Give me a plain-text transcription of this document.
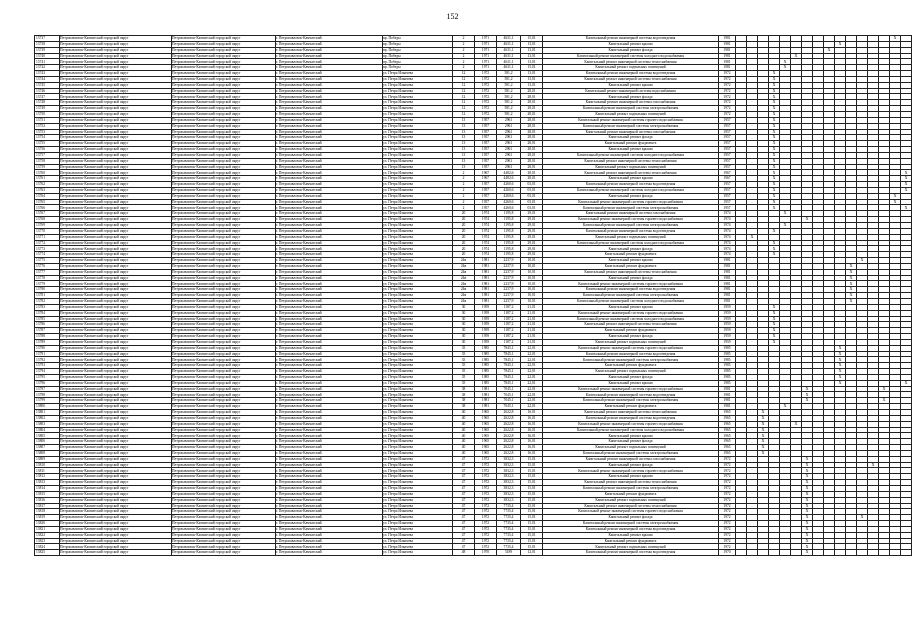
152
13737	Петропавловск-Камчатский городской округ	Петропавловск-Камчатский городской округ	г. Петропавловск-Камчатский	пр. Победы	2	1971	4631,1	15,01	Капитальный ремонт инженерной системы водоотведения	1981															X	
13738	Петропавловск-Камчатский городской округ	Петропавловск-Камчатский городской округ	г. Петропавловск-Камчатский	пр. Победы	2	1971	4631,1	13,01	Капитальный ремонт крыши	1981										X						
13739	Петропавловск-Камчатский городской округ	Петропавловск-Камчатский городской округ	г. Петропавловск-Камчатский	пр. Победы	2	1971	4631,1	13,01	Капитальный ремонт фасада	1981									X							
13740	Петропавловск-Камчатский городской округ	Петропавловск-Камчатский городской округ	г. Петропавловск-Камчатский	пр. Победы	2	1971	4631,1	13,01	Капитальный ремонт инженерной системы холодного водоснабжения	1981						X										
13741	Петропавловск-Камчатский городской округ	Петропавловск-Камчатский городской округ	г. Петропавловск-Камчатский	пр. Победы	2	1971	4631,1	13,01	Капитальный ремонт инженерной системы теплоснабжения	1981					X											
13742	Петропавловск-Камчатский городской округ	Петропавловск-Камчатский городской округ	г. Петропавловск-Камчатский	пр. Победы	2	1971	4631,1	15,01	Капитальный ремонт подвальных помещений	1981					X											
13743	Петропавловск-Камчатский городской округ	Петропавловск-Камчатский городской округ	г. Петропавловск-Камчатский	ул. Петра Ильичева	12	1972	581,2	13,01	Капитальный ремонт инженерной системы водоотведения	1972				X												
13744	Петропавловск-Камчатский городской округ	Петропавловск-Камчатский городской округ	г. Петропавловск-Камчатский	ул. Петра Ильичева	12	1972	581,2	13,01	Капитальный ремонт инженерной системы теплоснабжения	1972				X												
13745	Петропавловск-Камчатский городской округ	Петропавловск-Камчатский городской округ	г. Петропавловск-Камчатский	ул. Петра Ильичева	12	1972	581,2	13,01	Капитальный ремонт крыши	1972				X												
13746	Петропавловск-Камчатский городской округ	Петропавловск-Камчатский городской округ	г. Петропавловск-Камчатский	ул. Петра Ильичева	12	1972	581,2	28,01	Капитальный ремонт инженерной системы водоснабжения	1972				X												
13747	Петропавловск-Камчатский городской округ	Петропавловск-Камчатский городской округ	г. Петропавловск-Камчатский	ул. Петра Ильичева	12	1972	581,2	28,01	Капитальный ремонт фасада	1972				X												
13748	Петропавловск-Камчатский городской округ	Петропавловск-Камчатский городской округ	г. Петропавловск-Камчатский	ул. Петра Ильичева	12	1972	581,2	28,01	Капитальный ремонт инженерной системы газоснабжения	1972				X												
13749	Петропавловск-Камчатский городской округ	Петропавловск-Камчатский городской округ	г. Петропавловск-Камчатский	ул. Петра Ильичева	12	1972	581,2	28,01	Капитальный ремонт инженерной системы электроснабжения	1972				X												
13750	Петропавловск-Камчатский городской округ	Петропавловск-Камчатский городской округ	г. Петропавловск-Камчатский	ул. Петра Ильичева	12	1972	581,2	28,01	Капитальный ремонт подвальных помещений	1972				X												
13751	Петропавловск-Камчатский городской округ	Петропавловск-Камчатский городской округ	г. Петропавловск-Камчатский	ул. Петра Ильичева	13	1957	2961	28,01	Капитальный ремонт инженерной системы горячего водоснабжения	1957				X												
13752	Петропавловск-Камчатский городской округ	Петропавловск-Камчатский городской округ	г. Петропавловск-Камчатский	ул. Петра Ильичева	13	1957	2961	28,01	Капитальный ремонт инженерной системы электроснабжения	1957				X												
13753	Петропавловск-Камчатский городской округ	Петропавловск-Камчатский городской округ	г. Петропавловск-Камчатский	ул. Петра Ильичева	13	1957	2961	28,01	Капитальный ремонт инженерной системы газоснабжения	1957				X												
13754	Петропавловск-Камчатский городской округ	Петропавловск-Камчатский городской округ	г. Петропавловск-Камчатский	ул. Петра Ильичева	13	1957	2961	28,01	Капитальный ремонт фасада	1957				X												
13755	Петропавловск-Камчатский городской округ	Петропавловск-Камчатский городской округ	г. Петропавловск-Камчатский	ул. Петра Ильичева	13	1957	2961	28,01	Капитальный ремонт фундамента	1957				X												
13756	Петропавловск-Камчатский городской округ	Петропавловск-Камчатский городской округ	г. Петропавловск-Камчатский	ул. Петра Ильичева	13	1957	2961	28,01	Капитальный ремонт крыши	1957				X												
13757	Петропавловск-Камчатский городской округ	Петропавловск-Камчатский городской округ	г. Петропавловск-Камчатский	ул. Петра Ильичева	13	1957	2961	28,01	Капитальный ремонт инженерной системы холодного водоснабжения	1957				X												
13758	Петропавловск-Камчатский городской округ	Петропавловск-Камчатский городской округ	г. Петропавловск-Камчатский	ул. Петра Ильичева	13	1957	2961	28,01	Капитальный ремонт инженерной системы теплоснабжения	1957				X												
13759	Петропавловск-Камчатский городской округ	Петропавловск-Камчатский городской округ	г. Петропавловск-Камчатский	ул. Петра Ильичева	13	1957	2961	28,01	Капитальный ремонт подвальных помещений	1957				X												
13760	Петропавловск-Камчатский городской округ	Петропавловск-Камчатский городской округ	г. Петропавловск-Камчатский	ул. Петра Ильичева	2	1967	4482,6	28,01	Капитальный ремонт инженерной системы теплоснабжения	1967				X												X
13761	Петропавловск-Камчатский городской округ	Петропавловск-Камчатский городской округ	г. Петропавловск-Камчатский	ул. Петра Ильичева	2	1967	4482,6	28,01	Капитальный ремонт крыши	1967				X												X
13762	Петропавловск-Камчатский городской округ	Петропавловск-Камчатский городской округ	г. Петропавловск-Камчатский	ул. Петра Ильичева	2	1957	4260,6	03,01	Капитальный ремонт инженерной системы водоотведения	1957				X												X
13763	Петропавловск-Камчатский городской округ	Петропавловск-Камчатский городской округ	г. Петропавловск-Камчатский	ул. Петра Ильичева	2	1957	4260,6	03,01	Капитальный ремонт инженерной системы холодного водоснабжения	1957				X												X
13764	Петропавловск-Камчатский городской округ	Петропавловск-Камчатский городской округ	г. Петропавловск-Камчатский	ул. Петра Ильичева	2	1957	4260,6	03,01	Капитальный ремонт фасада	1957				X											X	
13765	Петропавловск-Камчатский городской округ	Петропавловск-Камчатский городской округ	г. Петропавловск-Камчатский	ул. Петра Ильичева	2	1957	4260,6	03,01	Капитальный ремонт инженерной системы горячего водоснабжения	1957				X											X	
13766	Петропавловск-Камчатский городской округ	Петропавловск-Камчатский городской округ	г. Петропавловск-Камчатский	ул. Петра Ильичева	2	1957	4260,6	03,01	Капитальный ремонт инженерной системы электроснабжения	1957				X												X
13767	Петропавловск-Камчатский городской округ	Петропавловск-Камчатский городской округ	г. Петропавловск-Камчатский	ул. Петра Ильичева	20	1974	1195,8	29,01	Капитальный ремонт инженерной системы газоснабжения	1974					X											
13768	Петропавловск-Камчатский городской округ	Петропавловск-Камчатский городской округ	г. Петропавловск-Камчатский	ул. Петра Ильичева	20	1974	1195,8	29,01	Капитальный ремонт инженерной системы горячего водоснабжения	1974							X									
13769	Петропавловск-Камчатский городской округ	Петропавловск-Камчатский городской округ	г. Петропавловск-Камчатский	ул. Петра Ильичева	20	1974	1195,8	29,01	Капитальный ремонт инженерной системы электроснабжения	1974					X											
13770	Петропавловск-Камчатский городской округ	Петропавловск-Камчатский городской округ	г. Петропавловск-Камчатский	ул. Петра Ильичева	20	1974	1195,8	29,01	Капитальный ремонт инженерной системы водоотведения	1974				X												
13771	Петропавловск-Камчатский городской округ	Петропавловск-Камчатский городской округ	г. Петропавловск-Камчатский	ул. Петра Ильичева	20	1974	1195,8	29,01	Капитальный ремонт подвальных помещений	1974		X														
13772	Петропавловск-Камчатский городской округ	Петропавловск-Камчатский городской округ	г. Петропавловск-Камчатский	ул. Петра Ильичева	20	1974	1195,8	29,01	Капитальный ремонт инженерной системы холодного водоснабжения	1974				X												
13773	Петропавловск-Камчатский городской округ	Петропавловск-Камчатский городской округ	г. Петропавловск-Камчатский	ул. Петра Ильичева	20	1974	1195,8	29,01	Капитальный ремонт фасада	1974				X												
13774	Петропавловск-Камчатский городской округ	Петропавловск-Камчатский городской округ	г. Петропавловск-Камчатский	ул. Петра Ильичева	20	1974	1195,8	29,01	Капитальный ремонт фундамента	1974				X												
13775	Петропавловск-Камчатский городской округ	Петропавловск-Камчатский городской округ	г. Петропавловск-Камчатский	ул. Петра Ильичева	24в	1981	2237,9	10,01	Капитальный ремонт крыши	1981												X				
13776	Петропавловск-Камчатский городской округ	Петропавловск-Камчатский городской округ	г. Петропавловск-Камчатский	ул. Петра Ильичева	24в	1981	2237,9	10,01	Капитальный ремонт фундамента	1981											X					
13777	Петропавловск-Камчатский городской округ	Петропавловск-Камчатский городской округ	г. Петропавловск-Камчатский	ул. Петра Ильичева	24в	1981	2237,9	10,01	Капитальный ремонт инженерной системы теплоснабжения	1981											X					
13778	Петропавловск-Камчатский городской округ	Петропавловск-Камчатский городской округ	г. Петропавловск-Камчатский	ул. Петра Ильичева	24в	1981	2237,9	10,01	Капитальный ремонт фасада	1981											X					
13779	Петропавловск-Камчатский городской округ	Петропавловск-Камчатский городской округ	г. Петропавловск-Камчатский	ул. Петра Ильичева	24в	1981	2237,9	10,01	Капитальный ремонт инженерной системы горячего водоснабжения	1981											X					
13780	Петропавловск-Камчатский городской округ	Петропавловск-Камчатский городской округ	г. Петропавловск-Камчатский	ул. Петра Ильичева	24в	1981	2237,9	10,01	Капитальный ремонт инженерной системы водоотведения	1981											X					
13781	Петропавловск-Камчатский городской округ	Петропавловск-Камчатский городской округ	г. Петропавловск-Камчатский	ул. Петра Ильичева	24в	1981	2237,9	10,01	Капитальный ремонт инженерной системы электроснабжения	1981											X					
13782	Петропавловск-Камчатский городской округ	Петропавловск-Камчатский городской округ	г. Петропавловск-Камчатский	ул. Петра Ильичева	24в	1981	2237,9	10,01	Капитальный ремонт инженерной системы холодного водоснабжения	1981											X					
13783	Петропавловск-Камчатский городской округ	Петропавловск-Камчатский городской округ	г. Петропавловск-Камчатский	ул. Петра Ильичева	30	1959	1187,2	21,01	Капитальный ремонт крыши	1959				X												
13784	Петропавловск-Камчатский городской округ	Петропавловск-Камчатский городской округ	г. Петропавловск-Камчатский	ул. Петра Ильичева	30	1959	1187,2	21,01	Капитальный ремонт инженерной системы горячего водоснабжения	1959				X												
13785	Петропавловск-Камчатский городской округ	Петропавловск-Камчатский городской округ	г. Петропавловск-Камчатский	ул. Петра Ильичева	30	1959	1187,2	21,01	Капитальный ремонт инженерной системы холодного водоснабжения	1959				X												
13786	Петропавловск-Камчатский городской округ	Петропавловск-Камчатский городской округ	г. Петропавловск-Камчатский	ул. Петра Ильичева	30	1959	1187,2	21,01	Капитальный ремонт инженерной системы теплоснабжения	1959				X												
13787	Петропавловск-Камчатский городской округ	Петропавловск-Камчатский городской округ	г. Петропавловск-Камчатский	ул. Петра Ильичева	30	1959	1187,2	21,01	Капитальный ремонт фундамента	1959				X												
13788	Петропавловск-Камчатский городской округ	Петропавловск-Камчатский городской округ	г. Петропавловск-Камчатский	ул. Петра Ильичева	30	1959	1187,2	21,01	Капитальный ремонт фасада	1959				X												
13789	Петропавловск-Камчатский городской округ	Петропавловск-Камчатский городской округ	г. Петропавловск-Камчатский	ул. Петра Ильичева	30	1959	1187,2	21,01	Капитальный ремонт подвальных помещений	1959				X												
13790	Петропавловск-Камчатский городской округ	Петропавловск-Камчатский городской округ	г. Петропавловск-Камчатский	ул. Петра Ильичева	35	1985	7845,1	22,01	Капитальный ремонт инженерной системы горячего водоснабжения	1985										X						
13791	Петропавловск-Камчатский городской округ	Петропавловск-Камчатский городской округ	г. Петропавловск-Камчатский	ул. Петра Ильичева	35	1985	7845,1	22,01	Капитальный ремонт инженерной системы водоотведения	1985										X						
13792	Петропавловск-Камчатский городской округ	Петропавловск-Камчатский городской округ	г. Петропавловск-Камчатский	ул. Петра Ильичева	35	1985	7845,1	22,01	Капитальный ремонт инженерной системы электроснабжения	1985										X						
13793	Петропавловск-Камчатский городской округ	Петропавловск-Камчатский городской округ	г. Петропавловск-Камчатский	ул. Петра Ильичева	35	1985	7845,1	22,01	Капитальный ремонт фундамента	1985										X						
13794	Петропавловск-Камчатский городской округ	Петропавловск-Камчатский городской округ	г. Петропавловск-Камчатский	ул. Петра Ильичева	35	1985	7845,1	22,01	Капитальный ремонт подвальных помещений	1985										X						
13795	Петропавловск-Камчатский городской округ	Петропавловск-Камчатский городской округ	г. Петропавловск-Камчатский	ул. Петра Ильичева	35	1985	7845,1	22,01	Капитальный ремонт фасада	1985										X						
13796	Петропавловск-Камчатский городской округ	Петропавловск-Камчатский городской округ	г. Петропавловск-Камчатский	ул. Петра Ильичева	35	1985	7845,1	22,01	Капитальный ремонт крыши	1985										X						X
13797	Петропавловск-Камчатский городской округ	Петропавловск-Камчатский городской округ	г. Петропавловск-Камчатский	ул. Петра Ильичева	38	1981	7045,1	22,01	Капитальный ремонт инженерной системы горячего водоснабжения	1981							X							X		
13798	Петропавловск-Камчатский городской округ	Петропавловск-Камчатский городской округ	г. Петропавловск-Камчатский	ул. Петра Ильичева	38	1981	7045,1	22,01	Капитальный ремонт инженерной системы водоотведения	1981							X									
13799	Петропавловск-Камчатский городской округ	Петропавловск-Камчатский городской округ	г. Петропавловск-Камчатский	ул. Петра Ильичева	38	1981	7045,1	22,01	Капитальный ремонт инженерной системы электроснабжения	1981							X							X		
13800	Петропавловск-Камчатский городской округ	Петропавловск-Камчатский городской округ	г. Петропавловск-Камчатский	ул. Петра Ильичева	38	1981	7045,1	22,01	Капитальный ремонт фундамента	1981					X											
13801	Петропавловск-Камчатский городской округ	Петропавловск-Камчатский городской округ	г. Петропавловск-Камчатский	ул. Петра Ильичева	40	1965	2622,8	16,01	Капитальный ремонт инженерной системы теплоснабжения	1965			X													
13802	Петропавловск-Камчатский городской округ	Петропавловск-Камчатский городской округ	г. Петропавловск-Камчатский	ул. Петра Ильичева	40	1965	2622,8	16,01	Капитальный ремонт инженерной системы водоотведения	1965			X													
13803	Петропавловск-Камчатский городской округ	Петропавловск-Камчатский городской округ	г. Петропавловск-Камчатский	ул. Петра Ильичева	40	1965	2622,8	16,01	Капитальный ремонт инженерной системы горячего водоснабжения	1965			X			X										
13804	Петропавловск-Камчатский городской округ	Петропавловск-Камчатский городской округ	г. Петропавловск-Камчатский	ул. Петра Ильичева	40	1965	2622,8	16,01	Капитальный ремонт инженерной системы холодного водоснабжения	1965			X													
13805	Петропавловск-Камчатский городской округ	Петропавловск-Камчатский городской округ	г. Петропавловск-Камчатский	ул. Петра Ильичева	40	1965	2622,8	16,01	Капитальный ремонт крыши	1965			X													
13806	Петропавловск-Камчатский городской округ	Петропавловск-Камчатский городской округ	г. Петропавловск-Камчатский	ул. Петра Ильичева	40	1965	2622,8	16,01	Капитальный ремонт фасада	1965			X													
13807	Петропавловск-Камчатский городской округ	Петропавловск-Камчатский городской округ	г. Петропавловск-Камчатский	ул. Петра Ильичева	40	1965	2622,8	16,01	Капитальный ремонт подвальных помещений	1965			X													
13808	Петропавловск-Камчатский городской округ	Петропавловск-Камчатский городской округ	г. Петропавловск-Камчатский	ул. Петра Ильичева	40	1965	2622,8	16,01	Капитальный ремонт инженерной системы электроснабжения	1965			X													
13809	Петропавловск-Камчатский городской округ	Петропавловск-Камчатский городской округ	г. Петропавловск-Камчатский	ул. Петра Ильичева	47	1972	3832,3	15,01	Капитальный ремонт инженерной системы газоснабжения	1972							X									
13810	Петропавловск-Камчатский городской округ	Петропавловск-Камчатский городской округ	г. Петропавловск-Камчатский	ул. Петра Ильичева	47	1972	3832,3	15,01	Капитальный ремонт фасада	1972							X						X			
13811	Петропавловск-Камчатский городской округ	Петропавловск-Камчатский городской округ	г. Петропавловск-Камчатский	ул. Петра Ильичева	47	1972	3832,3	15,01	Капитальный ремонт инженерной системы горячего водоснабжения	1972							X									
13812	Петропавловск-Камчатский городской округ	Петропавловск-Камчатский городской округ	г. Петропавловск-Камчатский	ул. Петра Ильичева	47	1972	3832,3	15,01	Капитальный ремонт крыши	1972							X									
13813	Петропавловск-Камчатский городской округ	Петропавловск-Камчатский городской округ	г. Петропавловск-Камчатский	ул. Петра Ильичева	47	1972	3832,3	15,01	Капитальный ремонт инженерной системы теплоснабжения	1972							X									
13814	Петропавловск-Камчатский городской округ	Петропавловск-Камчатский городской округ	г. Петропавловск-Камчатский	ул. Петра Ильичева	47	1972	3832,3	15,01	Капитальный ремонт инженерной системы электроснабжения	1972							X									
13815	Петропавловск-Камчатский городской округ	Петропавловск-Камчатский городской округ	г. Петропавловск-Камчатский	ул. Петра Ильичева	47	1972	3832,3	15,01	Капитальный ремонт фундамента	1972							X									
13816	Петропавловск-Камчатский городской округ	Петропавловск-Камчатский городской округ	г. Петропавловск-Камчатский	ул. Петра Ильичева	47	1972	3832,3	15,01	Капитальный ремонт подвальных помещений	1972							X									
13817	Петропавловск-Камчатский городской округ	Петропавловск-Камчатский городской округ	г. Петропавловск-Камчатский	ул. Петра Ильичева	47	1972	7735,4	15,01	Капитальный ремонт инженерной системы теплоснабжения	1972							X									
13818	Петропавловск-Камчатский городской округ	Петропавловск-Камчатский городской округ	г. Петропавловск-Камчатский	ул. Петра Ильичева	47	1972	7735,4	15,01	Капитальный ремонт инженерной системы горячего водоснабжения	1972							X									
13819	Петропавловск-Камчатский городской округ	Петропавловск-Камчатский городской округ	г. Петропавловск-Камчатский	ул. Петра Ильичева	47	1972	7735,4	15,01	Капитальный ремонт фасада	1972							X					X				
13820	Петропавловск-Камчатский городской округ	Петропавловск-Камчатский городской округ	г. Петропавловск-Камчатский	ул. Петра Ильичева	47	1972	7735,4	15,01	Капитальный ремонт инженерной системы электроснабжения	1972							X									
13821	Петропавловск-Камчатский городской округ	Петропавловск-Камчатский городской округ	г. Петропавловск-Камчатский	ул. Петра Ильичева	47	1972	7735,4	15,01	Капитальный ремонт инженерной системы водоотведения	1972							X									
13822	Петропавловск-Камчатский городской округ	Петропавловск-Камчатский городской округ	г. Петропавловск-Камчатский	ул. Петра Ильичева	47	1972	7735,4	15,01	Капитальный ремонт крыши	1972							X									
13823	Петропавловск-Камчатский городской округ	Петропавловск-Камчатский городской округ	г. Петропавловск-Камчатский	ул. Петра Ильичева	47	1972	7735,4	15,01	Капитальный ремонт фундамента	1972							X									
13824	Петропавловск-Камчатский городской округ	Петропавловск-Камчатский городской округ	г. Петропавловск-Камчатский	ул. Петра Ильичева	47	1972	7735,4	15,01	Капитальный ремонт подвальных помещений	1972							X									
13825	Петропавловск-Камчатский городской округ	Петропавловск-Камчатский городской округ	г. Петропавловск-Камчатский	ул. Петра Ильичева	48	1970	3189	12,01	Капитальный ремонт инженерной системы водоотведения	1970							X									
